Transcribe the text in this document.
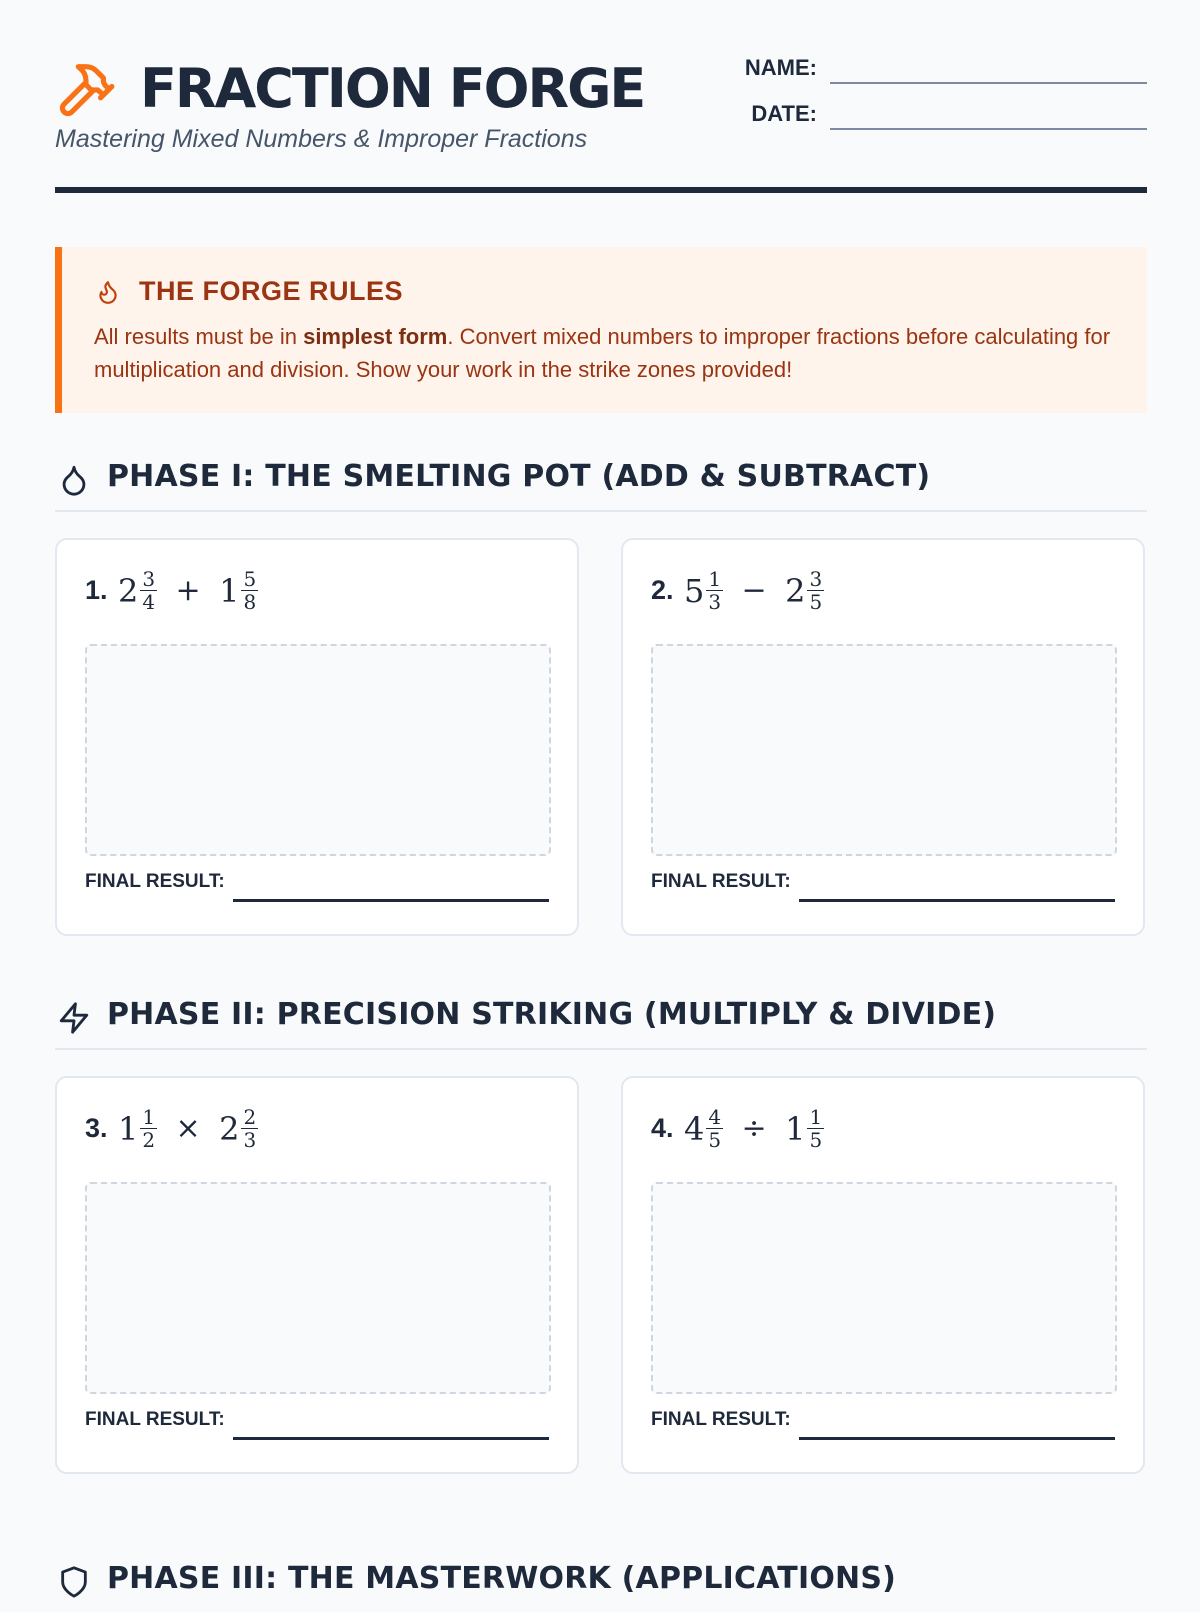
FRACTION FORGE
Mastering Mixed Numbers & Improper Fractions
NAME:
DATE:
THE FORGE RULES
All results must be in simplest form. Convert mixed numbers to improper fractions before calculating for multiplication and division. Show your work in the strike zones provided!
PHASE I: THE SMELTING POT (ADD & SUBTRACT)
1. $2 \frac{3}{4} + 1 \frac{5}{8}$
FINAL RESULT:
2. $5 \frac{1}{3} - 2 \frac{3}{5}$
FINAL RESULT:
PHASE II: PRECISION STRIKING (MULTIPLY & DIVIDE)
3. $1 \frac{1}{2} \times 2 \frac{2}{3}$
FINAL RESULT:
4. $4 \frac{4}{5} \div 1 \frac{1}{5}$
FINAL RESULT:
PHASE III: THE MASTERWORK (APPLICATIONS)
